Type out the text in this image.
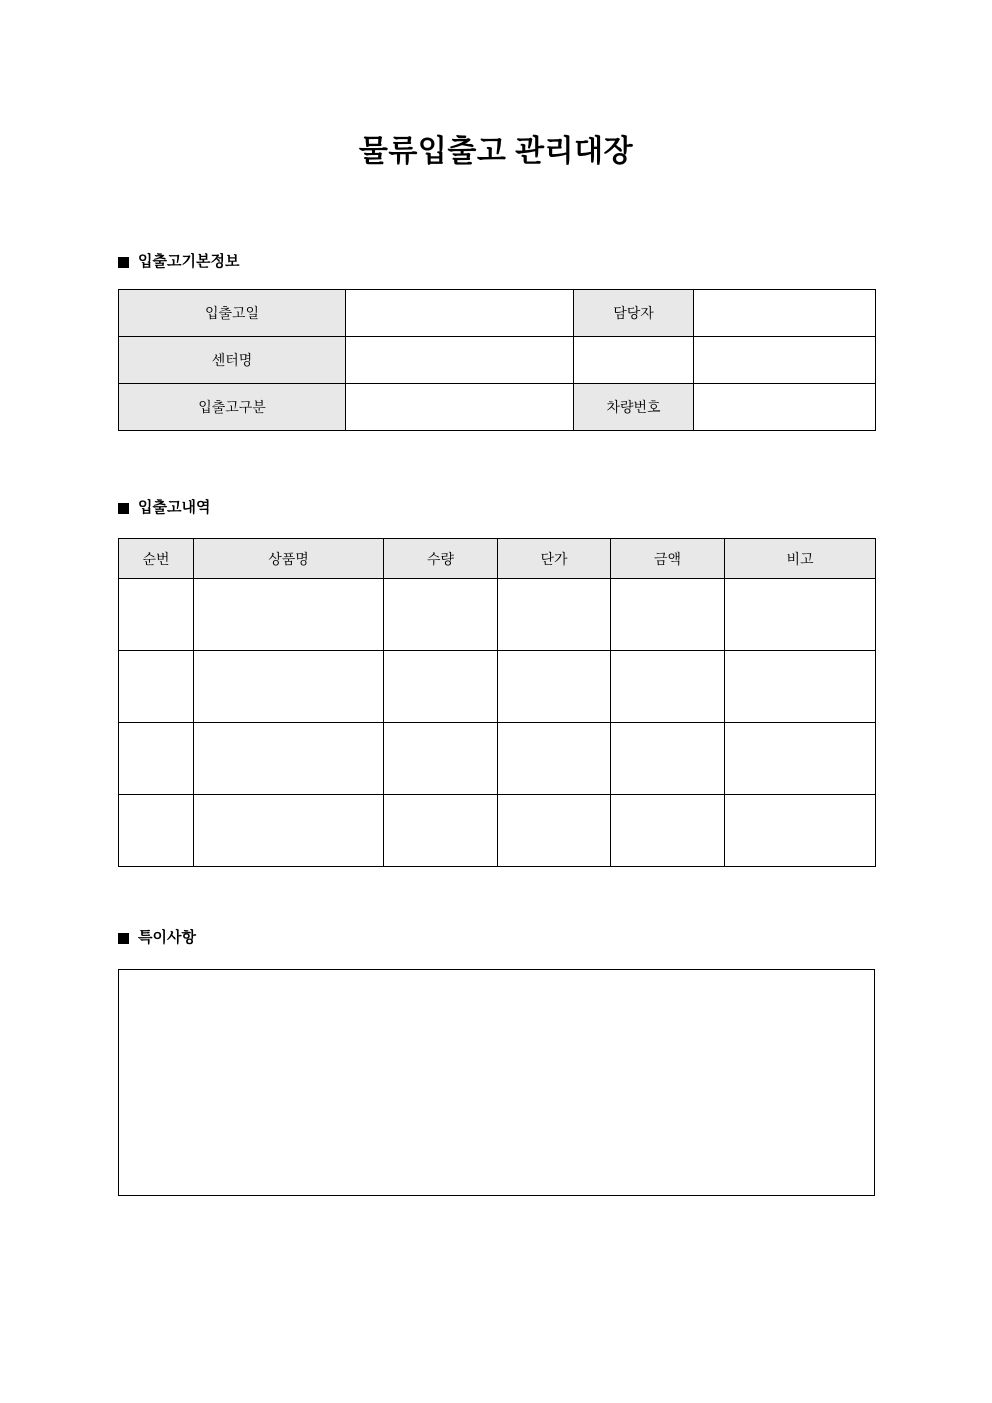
물류입출고 관리대장
입출고기본정보
입출고일		담당자	
센터명			
입출고구분		차량번호	
입출고내역
순번	상품명	수량	단가	금액	비고

특이사항
